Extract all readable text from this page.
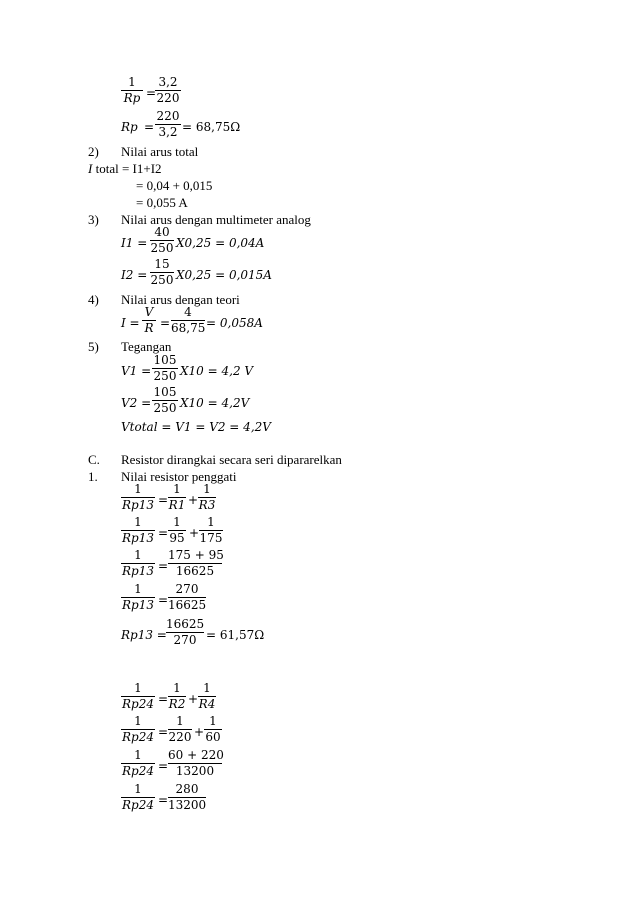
1
Rp =
3,2
220
Rp =
220
3,2 = 68,75Ω
2) Nilai arus total
I total = I1+I2
= 0,04 + 0,015
= 0,055 A
3) Nilai arus dengan multimeter analog
I1 =
40
250 X0,25 = 0,04A
I2 =
15
250 X0,25 = 0,015A
4) Nilai arus dengan teori
I =
V
R =
4
68,75 = 0,058A
5) Tegangan
V1 =
105
250 X10 = 4,2 V
V2 =
105
250 X10 = 4,2V
Vtotal = V1 = V2 = 4,2V
C. Resistor dirangkai secara seri dipararelkan
1. Nilai resistor penggati
1
Rp13 =
1
R1 +
1
R3
1
Rp13 =
1
95 +
1
175
1
Rp13 =
175 + 95
16625
1
Rp13 =
270
16625
Rp13 =
16625
270 = 61,57Ω
1
Rp24 =
1
R2 +
1
R4
1
Rp24 =
1
220 +
1
60
1
Rp24 =
60 + 220
13200
1
Rp24 =
280
13200
